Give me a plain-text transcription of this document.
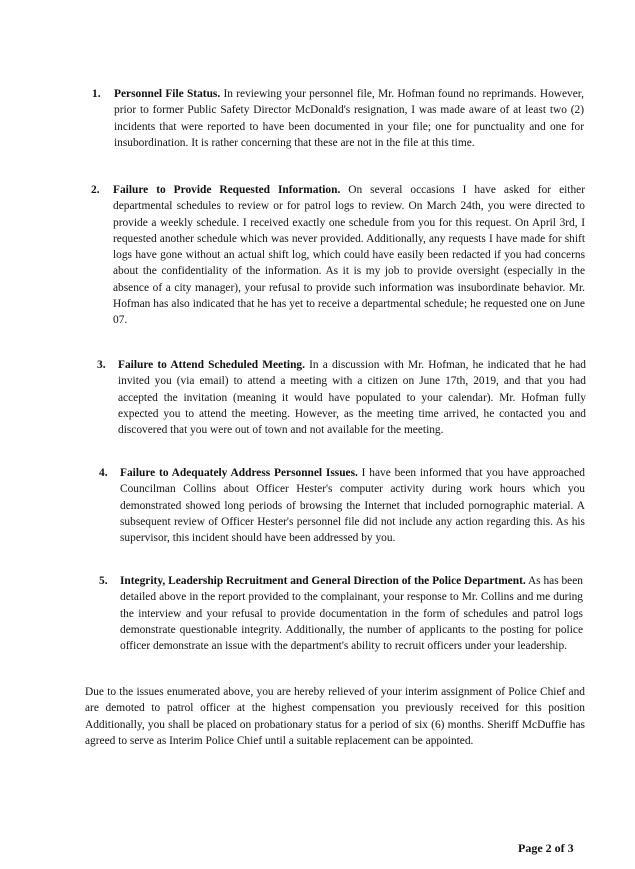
1. Personnel File Status. In reviewing your personnel file, Mr. Hofman found no reprimands. However, prior to former Public Safety Director McDonald's resignation, I was made aware of at least two (2) incidents that were reported to have been documented in your file; one for punctuality and one for insubordination. It is rather concerning that these are not in the file at this time.
2. Failure to Provide Requested Information. On several occasions I have asked for either departmental schedules to review or for patrol logs to review. On March 24th, you were directed to provide a weekly schedule. I received exactly one schedule from you for this request. On April 3rd, I requested another schedule which was never provided. Additionally, any requests I have made for shift logs have gone without an actual shift log, which could have easily been redacted if you had concerns about the confidentiality of the information. As it is my job to provide oversight (especially in the absence of a city manager), your refusal to provide such information was insubordinate behavior. Mr. Hofman has also indicated that he has yet to receive a departmental schedule; he requested one on June 07.
3. Failure to Attend Scheduled Meeting. In a discussion with Mr. Hofman, he indicated that he had invited you (via email) to attend a meeting with a citizen on June 17th, 2019, and that you had accepted the invitation (meaning it would have populated to your calendar). Mr. Hofman fully expected you to attend the meeting. However, as the meeting time arrived, he contacted you and discovered that you were out of town and not available for the meeting.
4. Failure to Adequately Address Personnel Issues. I have been informed that you have approached Councilman Collins about Officer Hester's computer activity during work hours which you demonstrated showed long periods of browsing the Internet that included pornographic material. A subsequent review of Officer Hester's personnel file did not include any action regarding this. As his supervisor, this incident should have been addressed by you.
5. Integrity, Leadership Recruitment and General Direction of the Police Department. As has been detailed above in the report provided to the complainant, your response to Mr. Collins and me during the interview and your refusal to provide documentation in the form of schedules and patrol logs demonstrate questionable integrity. Additionally, the number of applicants to the posting for police officer demonstrate an issue with the department's ability to recruit officers under your leadership.

Due to the issues enumerated above, you are hereby relieved of your interim assignment of Police Chief and are demoted to patrol officer at the highest compensation you previously received for this position Additionally, you shall be placed on probationary status for a period of six (6) months. Sheriff McDuffie has agreed to serve as Interim Police Chief until a suitable replacement can be appointed.

Page 2 of 3
